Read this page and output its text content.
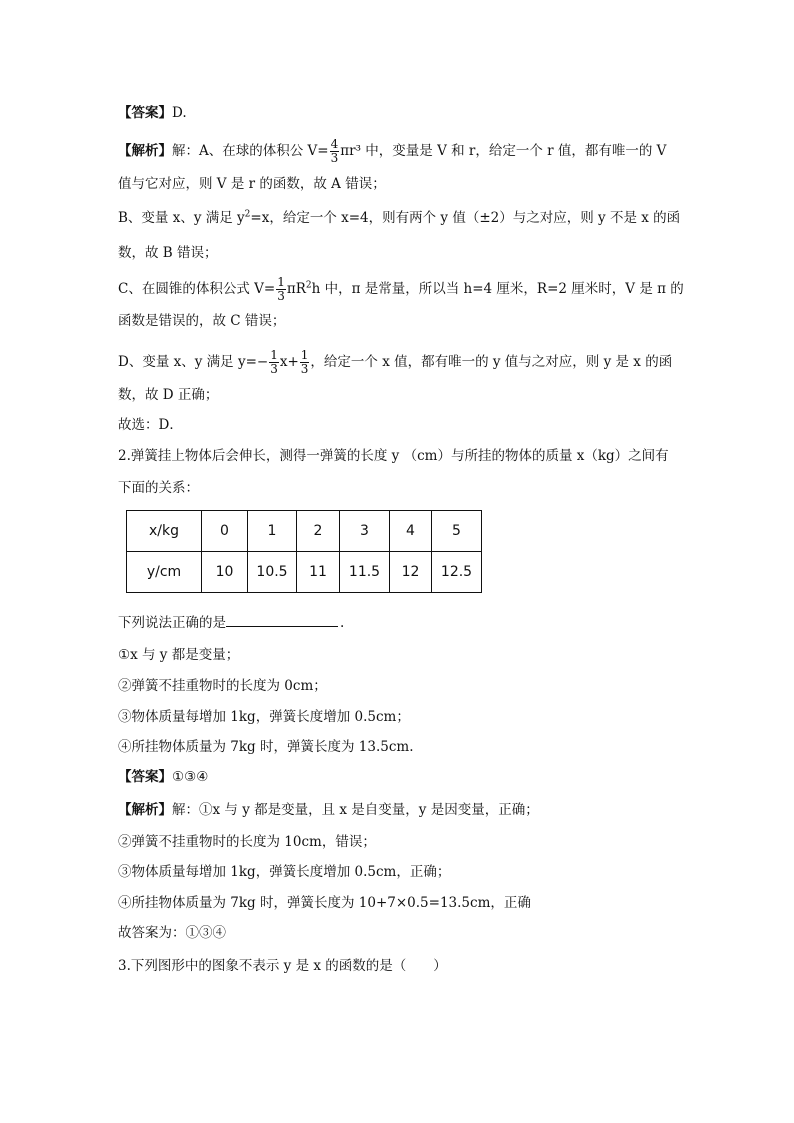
【答案】D.
【解析】解：A、在球的体积公 $V= \frac{4}{3} \pi r^3$ 中，变量是 V 和 r，给定一个 r 值，都有唯一的 V
值与它对应，则 V 是 r 的函数，故 A 错误；
B、变量 x、y 满足 $y^2=x$，给定一个 x=4，则有两个 y 值（±2）与之对应，则 y 不是 x 的函
数，故 B 错误；
C、在圆锥的体积公式 $V= \frac{1}{3} \pi R^2h$ 中，π 是常量，所以当 h=4 厘米，R=2 厘米时，V 是 π 的
函数是错误的，故 C 错误；
D、变量 x、y 满足 $y=- \frac{1}{3} x+ \frac{1}{3}$ ，给定一个 x 值，都有唯一的 y 值与之对应，则 y 是 x 的函
数，故 D 正确；
故选：D．
2.弹簧挂上物体后会伸长，测得一弹簧的长度 y （cm）与所挂的物体的质量 x（kg）之间有
下面的关系：
x/kg	0	1	2	3	4	5
y/cm	10	10.5	11	11.5	12	12.5
下列说法正确的是	.
①x 与 y 都是变量；
②弹簧不挂重物时的长度为 0cm；
③物体质量每增加 1kg，弹簧长度增加 0.5cm；
④所挂物体质量为 7kg 时，弹簧长度为 13.5cm.
【答案】①③④
【解析】解：①x 与 y 都是变量，且 x 是自变量，y 是因变量，正确；
②弹簧不挂重物时的长度为 10cm，错误；
③物体质量每增加 1kg，弹簧长度增加 0.5cm，正确；
④所挂物体质量为 7kg 时，弹簧长度为 10+7×0.5=13.5cm，正确
故答案为：①③④
3.下列图形中的图象不表示 y 是 x 的函数的是（　　）
